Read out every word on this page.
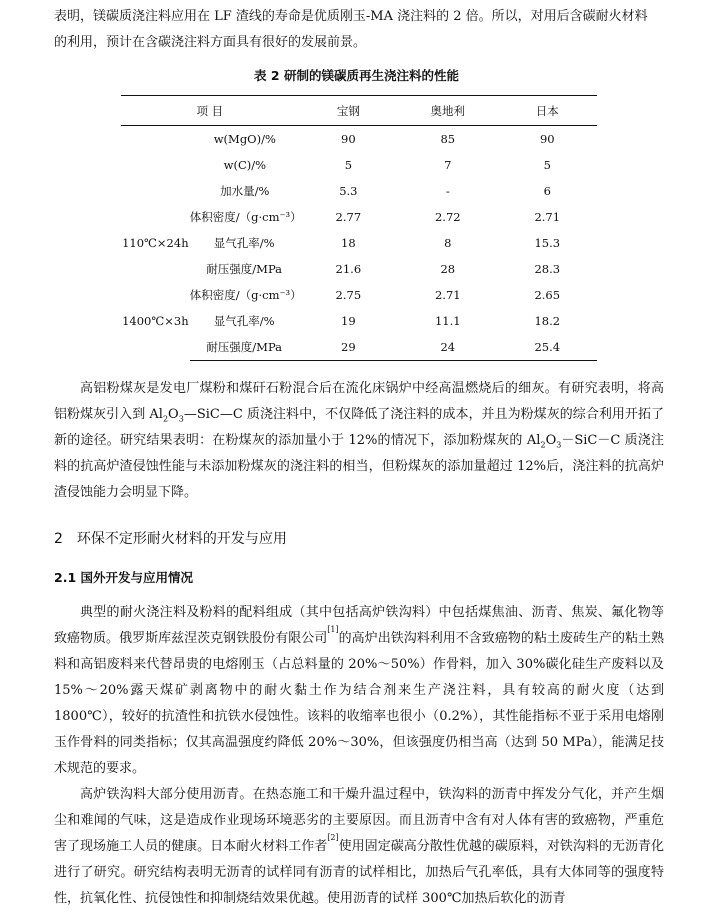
表明，镁碳质浇注料应用在 LF 渣线的寿命是优质刚玉-MA 浇注料的 2 倍。所以，对用后含碳耐火材料
的利用，预计在含碳浇注料方面具有很好的发展前景。
表 2 研制的镁碳质再生浇注料的性能
项 目		宝钢	奥地利	日本
w(MgO)/%		90	85	90
w(C)/%		5	7	5
加水量/%		5.3	-	6
110℃×24h	体积密度/（g·cm⁻³）	2.77	2.72	2.71
	显气孔率/%	18	8	15.3
	耐压强度/MPa	21.6	28	28.3
1400℃×3h	体积密度/（g·cm⁻³）	2.75	2.71	2.65
	显气孔率/%	19	11.1	18.2
	耐压强度/MPa	29	24	25.4
高铝粉煤灰是发电厂煤粉和煤矸石粉混合后在流化床锅炉中经高温燃烧后的细灰。有研究表明，将高铝粉煤灰引入到 $Al_2O_3—SiC—C$ 质浇注料中，不仅降低了浇注料的成本，并且为粉煤灰的综合利用开拓了新的途径。研究结果表明：在粉煤灰的添加量小于 12%的情况下，添加粉煤灰的 $Al_2O_3-SiC-C$ 质浇注料的抗高炉渣侵蚀性能与未添加粉煤灰的浇注料的相当，但粉煤灰的添加量超过 12%后，浇注料的抗高炉渣侵蚀能力会明显下降。
2 环保不定形耐火材料的开发与应用
2.1 国外开发与应用情况
典型的耐火浇注料及粉料的配料组成（其中包括高炉铁沟料）中包括煤焦油、沥青、焦炭、氟化物等致癌物质。俄罗斯库兹涅茨克钢铁股份有限公司[1]的高炉出铁沟料利用不含致癌物的粘土废砖生产的粘土熟料和高铝废料来代替昂贵的电熔刚玉（占总料量的 20%～50%）作骨料，加入 30%碳化硅生产废料以及 15%～20%露天煤矿剥离物中的耐火黏土作为结合剂来生产浇注料，具有较高的耐火度（达到 1800℃），较好的抗渣性和抗铁水侵蚀性。该料的收缩率也很小（0.2%），其性能指标不亚于采用电熔刚玉作骨料的同类指标；仅其高温强度约降低 20%～30%，但该强度仍相当高（达到 50 MPa），能满足技术规范的要求。
高炉铁沟料大部分使用沥青。在热态施工和干燥升温过程中，铁沟料的沥青中挥发分气化，并产生烟尘和难闻的气味，这是造成作业现场环境恶劣的主要原因。而且沥青中含有对人体有害的致癌物，严重危害了现场施工人员的健康。日本耐火材料工作者[2]使用固定碳高分散性优越的碳原料，对铁沟料的无沥青化进行了研究。研究结构表明无沥青的试样同有沥青的试样相比，加热后气孔率低，具有大体同等的强度特性，抗氧化性、抗侵蚀性和抑制烧结效果优越。使用沥青的试样 300℃加热后软化的沥青
